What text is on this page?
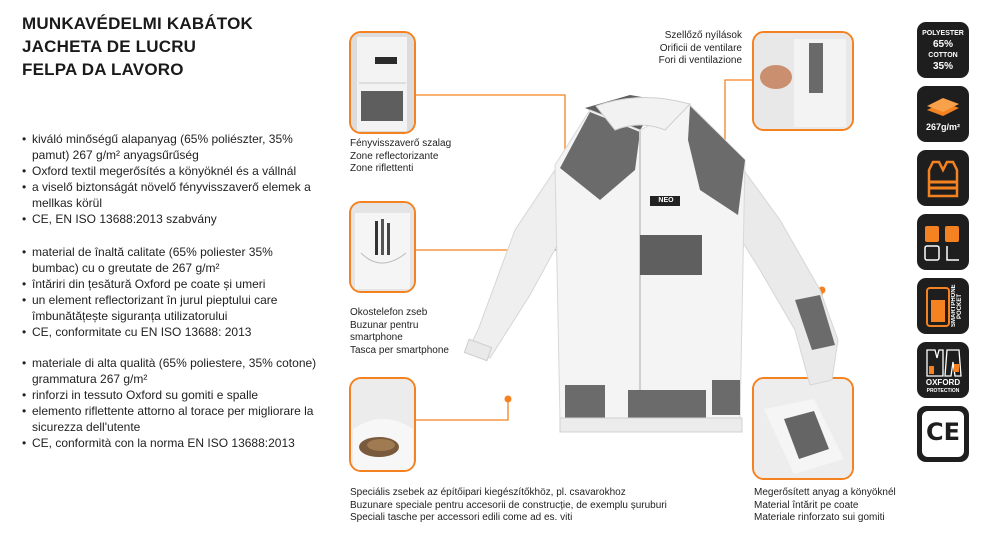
MUNKAVÉDELMI KABÁTOK
JACHETA DE LUCRU
FELPA DA LAVORO
• kiváló minőségű alapanyag (65% poliészter, 35% pamut) 267 g/m² anyagsűrűség
• Oxford textil megerősítés a könyöknél és a vállnál
• a viselő biztonságát növelő fényvisszaverő elemek a mellkas körül
• CE, EN ISO 13688:2013 szabvány
• material de înaltă calitate (65% poliester 35% bumbac) cu o greutate de 267 g/m²
• întăriri din țesătură Oxford pe coate și umeri
• un element reflectorizant în jurul pieptului care îmbunătățește siguranța utilizatorului
• CE, conformitate cu EN ISO 13688: 2013
• materiale di alta qualità (65% poliestere, 35% cotone) grammatura 267 g/m²
• rinforzi in tessuto Oxford su gomiti e spalle
• elemento riflettente attorno al torace per migliorare la sicurezza dell'utente
• CE, conformità con la norma EN ISO 13688:2013
Fényvisszaverő szalag
Zone reflectorizante
Zone riflettenti
Okostelefon zseb
Buzunar pentru
smartphone
Tasca per smartphone
Speciális zsebek az építőipari kiegészítőkhöz, pl. csavarokhoz
Buzunare speciale pentru accesorii de construcție, de exemplu șuruburi
Speciali tasche per accessori edili come ad es. viti
Szellőző nyílások
Orificii de ventilare
Fori di ventilazione
Megerősített anyag a könyöknél
Material întărit pe coate
Materiale rinforzato sui gomiti
NEO
POLYESTER
65%
COTTON
35%
267g/m²
SMARTPHONE POCKET
OXFORD
PROTECTION
CE
